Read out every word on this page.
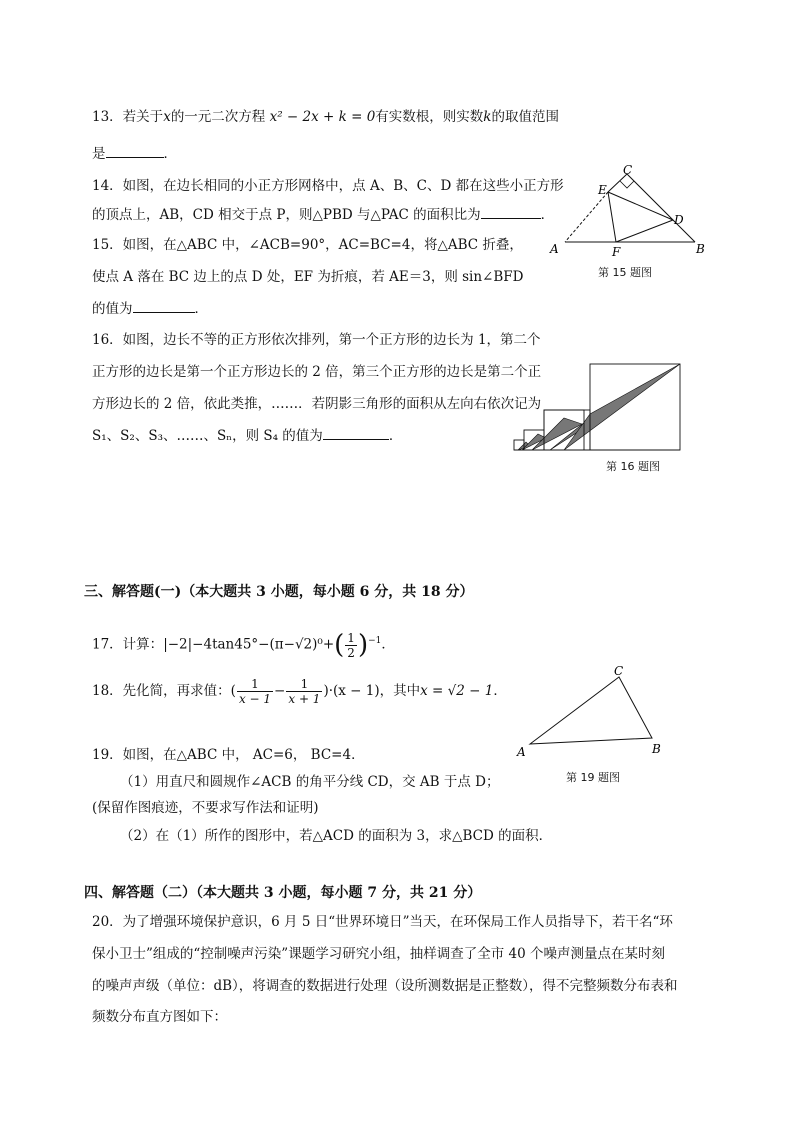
13．若关于x的一元二次方程 x² − 2x + k = 0有实数根，则实数k的取值范围
是	．
14．如图，在边长相同的小正方形网格中，点 A、B、C、D 都在这些小正方形
的顶点上，AB，CD 相交于点 P，则△PBD 与△PAC 的面积比为	．
15．如图，在△ABC 中，∠ACB=90°，AC=BC=4，将△ABC 折叠，
使点 A 落在 BC 边上的点 D 处，EF 为折痕，若 AE＝3，则 sin∠BFD
的值为	．
C
E
D
A	F	B
第 15 题图
16．如图，边长不等的正方形依次排列，第一个正方形的边长为 1，第二个
正方形的边长是第一个正方形边长的 2 倍，第三个正方形的边长是第二个正
方形边长的 2 倍，依此类推，……．若阴影三角形的面积从左向右依次记为
S₁、S₂、S₃、……、Sₙ，则 S₄ 的值为	．
第 16 题图
三、解答题(一)（本大题共 3 小题，每小题 6 分，共 18 分）
17．计算：$|-2|-4\tan 45^\circ-(\pi-√2)^0+( \frac{1}{2} )^{-1}$．
18．先化简，再求值：( $\frac{1}{x - 1} - \frac{1}{x + 1} )\cdot(x - 1)$，其中x = √2 − 1．
C
A	B
第 19 题图
19．如图，在△ABC 中， AC=6， BC=4．
（1）用直尺和圆规作∠ACB 的角平分线 CD，交 AB 于点 D；
(保留作图痕迹，不要求写作法和证明)
（2）在（1）所作的图形中，若△ACD 的面积为 3，求△BCD 的面积．
四、解答题（二）（本大题共 3 小题，每小题 7 分，共 21 分）
20．为了增强环境保护意识，6 月 5 日“世界环境日”当天，在环保局工作人员指导下，若干名“环
保小卫士”组成的“控制噪声污染”课题学习研究小组，抽样调查了全市 40 个噪声测量点在某时刻
的噪声声级（单位：dB），将调查的数据进行处理（设所测数据是正整数），得不完整频数分布表和
频数分布直方图如下：
